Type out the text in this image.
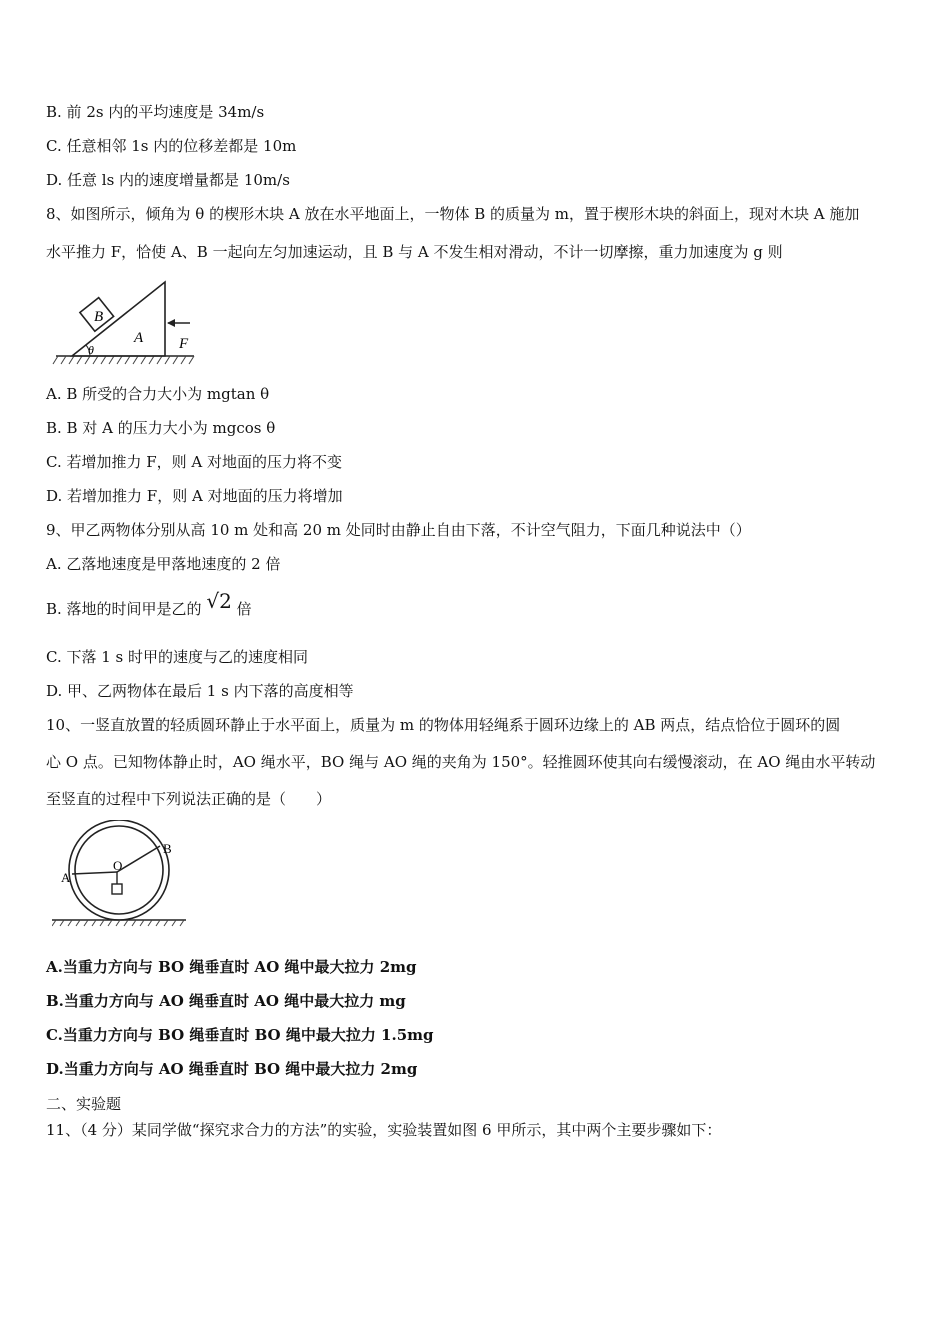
B. 前 2s 内的平均速度是 34m/s
C. 任意相邻 1s 内的位移差都是 10m
D. 任意 ls 内的速度增量都是 10m/s
8、如图所示，倾角为 θ 的楔形木块 A 放在水平地面上，一物体 B 的质量为 m，置于楔形木块的斜面上，现对木块 A 施加
水平推力 F，恰使 A、B 一起向左匀加速运动，且 B 与 A 不发生相对滑动，不计一切摩擦，重力加速度为 g 则
B
A F
θ
A. B 所受的合力大小为 mgtan θ
B. B 对 A 的压力大小为 mgcos θ
C. 若增加推力 F，则 A 对地面的压力将不变
D. 若增加推力 F，则 A 对地面的压力将增加
9、甲乙两物体分别从高 10 m 处和高 20 m 处同时由静止自由下落，不计空气阻力，下面几种说法中（）
A. 乙落地速度是甲落地速度的 2 倍
B. 落地的时间甲是乙的 √2 倍
C. 下落 1 s 时甲的速度与乙的速度相同
D. 甲、乙两物体在最后 1 s 内下落的高度相等
10、一竖直放置的轻质圆环静止于水平面上，质量为 m 的物体用轻绳系于圆环边缘上的 AB 两点，结点恰位于圆环的圆
心 O 点。已知物体静止时，AO 绳水平，BO 绳与 AO 绳的夹角为 150°。轻推圆环使其向右缓慢滚动，在 AO 绳由水平转动
至竖直的过程中下列说法正确的是（　　）
A
B
O
A.当重力方向与 BO 绳垂直时 AO 绳中最大拉力 2mg
B.当重力方向与 AO 绳垂直时 AO 绳中最大拉力 mg
C.当重力方向与 BO 绳垂直时 BO 绳中最大拉力 1.5mg
D.当重力方向与 AO 绳垂直时 BO 绳中最大拉力 2mg
二、实验题
11、（4 分）某同学做“探究求合力的方法”的实验，实验装置如图 6 甲所示，其中两个主要步骤如下：
